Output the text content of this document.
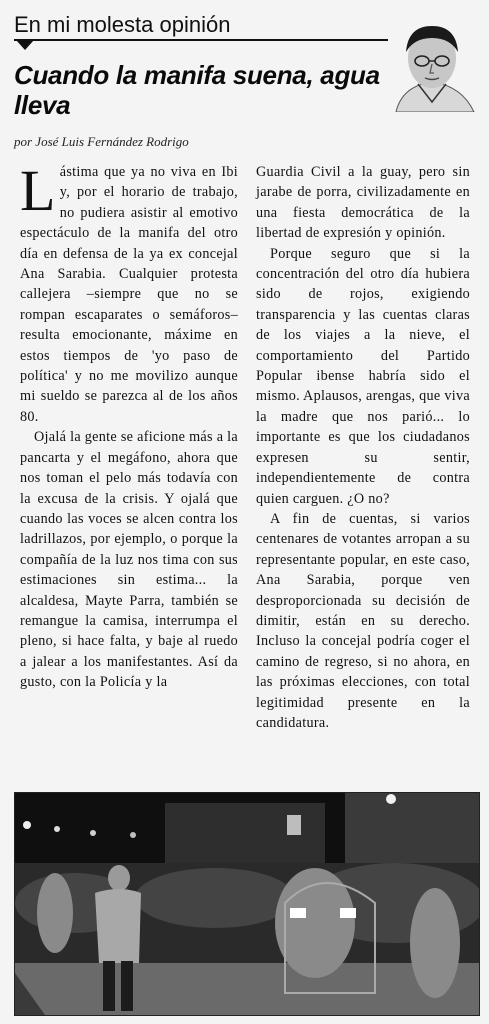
En mi molesta opinión
Cuando la manifa suena, agua lleva
por José Luis Fernández Rodrigo

Lástima que ya no viva en Ibi y, por el horario de trabajo, no pudiera asistir al emotivo espectáculo de la manifa del otro día en defensa de la ya ex concejal Ana Sarabia. Cualquier protesta callejera –siempre que no se rompan escaparates o semáforos– resulta emocionante, máxime en estos tiempos de 'yo paso de política' y no me movilizo aunque mi sueldo se parezca al de los años 80.

Ojalá la gente se aficione más a la pancarta y el megáfono, ahora que nos toman el pelo más todavía con la excusa de la crisis. Y ojalá que cuando las voces se alcen contra los ladrillazos, por ejemplo, o porque la compañía de la luz nos tima con sus estimaciones sin estima... la alcaldesa, Mayte Parra, también se remangue la camisa, interrumpa el pleno, si hace falta, y baje al ruedo a jalear a los manifestantes. Así da gusto, con la Policía y la

Guardia Civil a la guay, pero sin jarabe de porra, civilizadamente en una fiesta democrática de la libertad de expresión y opinión.

Porque seguro que si la concentración del otro día hubiera sido de rojos, exigiendo transparencia y las cuentas claras de los viajes a la nieve, el comportamiento del Partido Popular ibense habría sido el mismo. Aplausos, arengas, que viva la madre que nos parió... lo importante es que los ciudadanos expresen su sentir, independientemente de contra quien carguen. ¿O no?

A fin de cuentas, si varios centenares de votantes arropan a su representante popular, en este caso, Ana Sarabia, porque ven desproporcionada su decisión de dimitir, están en su derecho. Incluso la concejal podría coger el camino de regreso, si no ahora, en las próximas elecciones, con total legitimidad presente en la candidatura.
